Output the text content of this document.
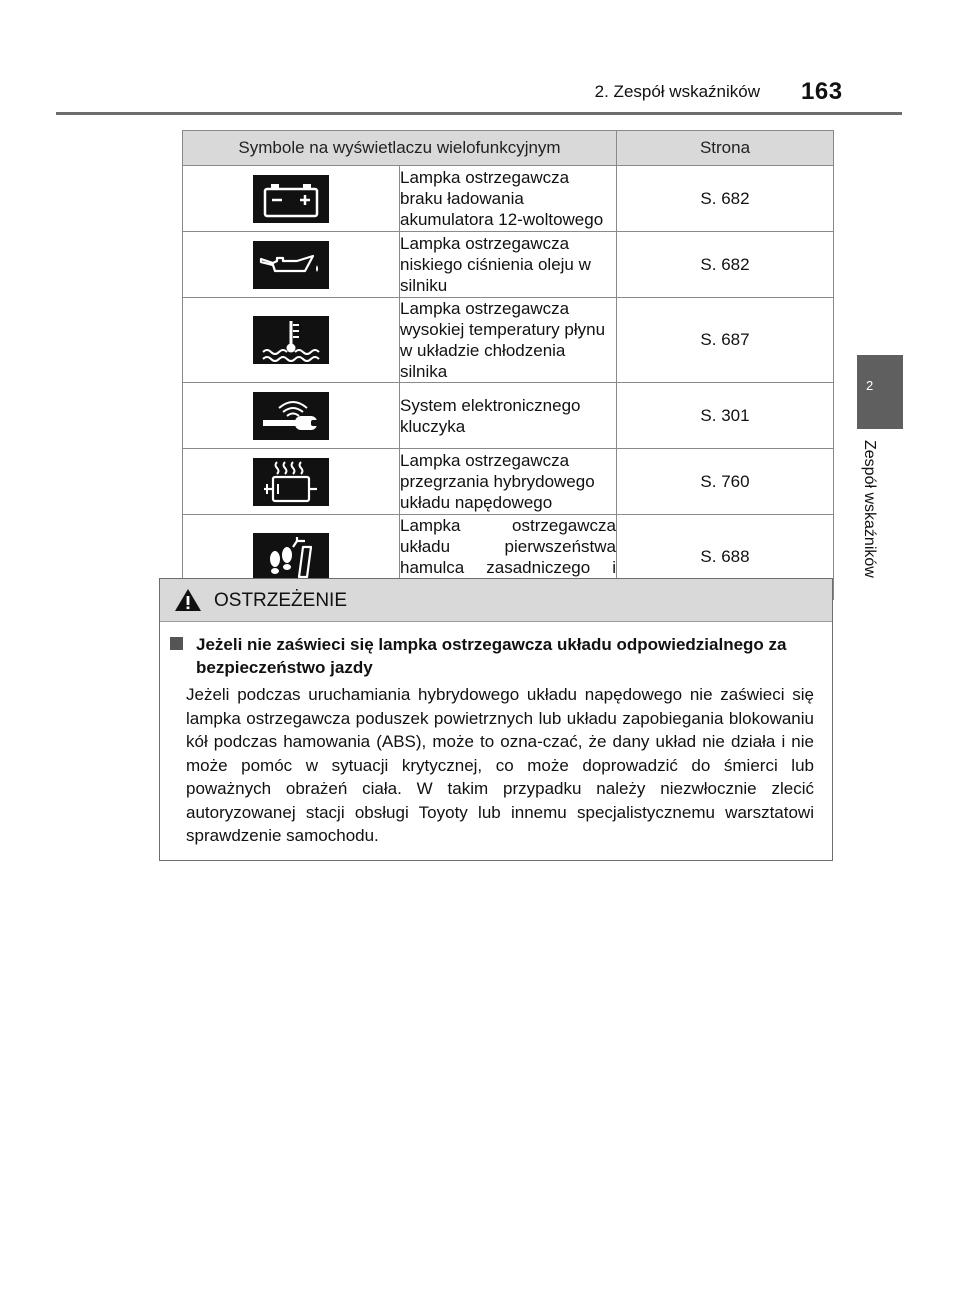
2. Zespół wskaźników 163
2
Zespół wskaźników
Symbole na wyświetlaczu wielofunkcyjnym		Strona

	Lampka ostrzegawcza braku ładowania akumulatora 12-woltowego	S. 682

	Lampka ostrzegawcza niskiego ciśnienia oleju w silniku	S. 682

	Lampka ostrzegawcza wysokiej temperatury płynu w układzie chłodzenia silnika	S. 687

	System elektronicznego kluczyka	S. 301

	Lampka ostrzegawcza przegrzania hybrydowego układu napędowego	S. 760

	Lampka ostrzegawcza układu pierwszeństwa hamulca zasadniczego i	S. 688
OSTRZEŻENIE
Jeżeli nie zaświeci się lampka ostrzegawcza układu odpowiedzialnego za bezpieczeństwo jazdy
Jeżeli podczas uruchamiania hybrydowego układu napędowego nie zaświeci się lampka ostrzegawcza poduszek powietrznych lub układu zapobiegania blokowaniu kół podczas hamowania (ABS), może to ozna-czać, że dany układ nie działa i nie może pomóc w sytuacji krytycznej, co może doprowadzić do śmierci lub poważnych obrażeń ciała. W takim przypadku należy niezwłocznie zlecić autoryzowanej stacji obsługi Toyoty lub innemu specjalistycznemu warsztatowi sprawdzenie samochodu.
